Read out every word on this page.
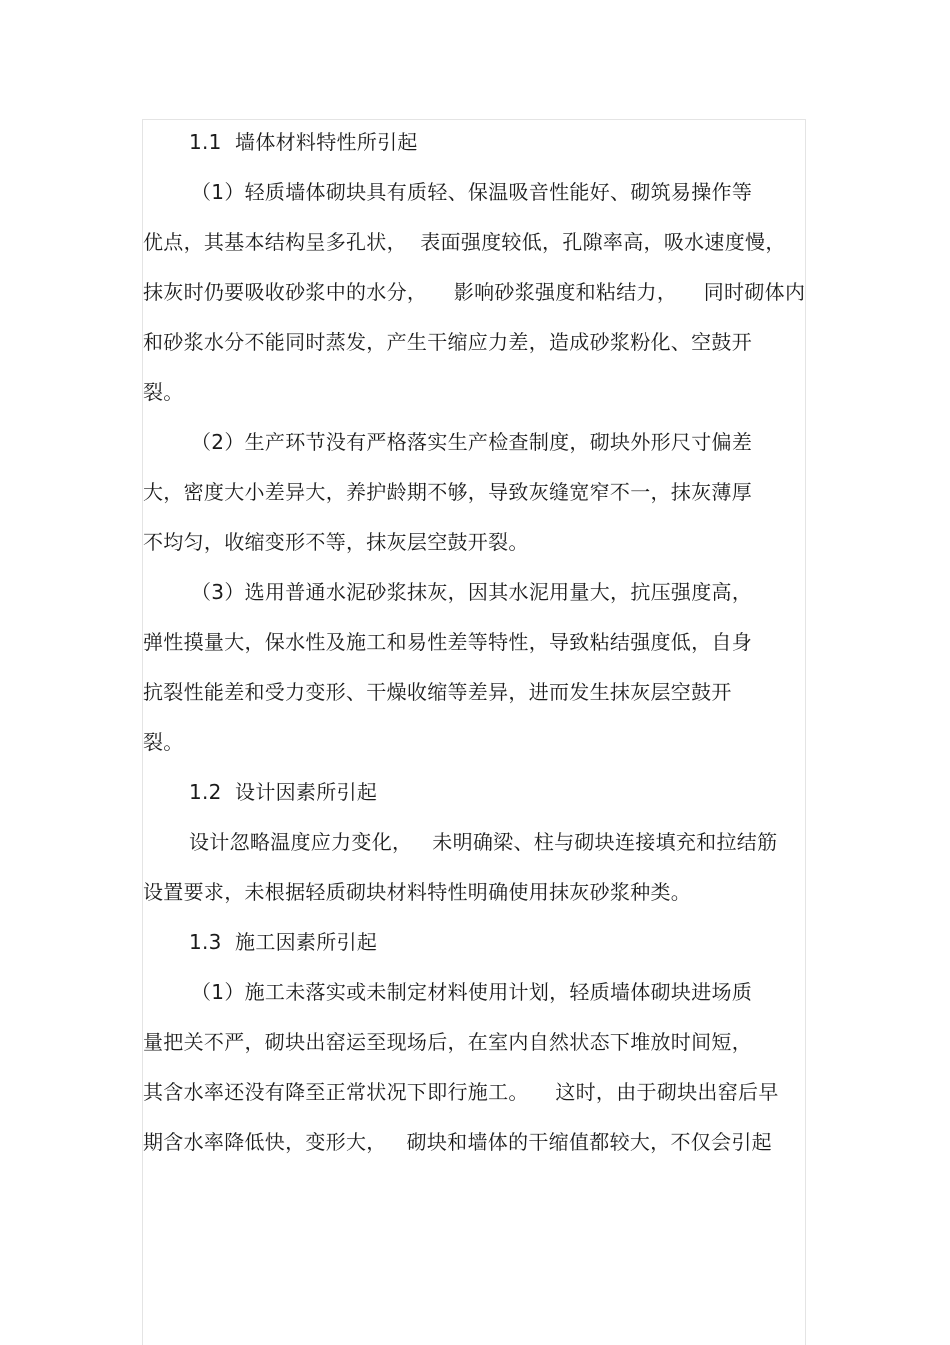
1.1  墙体材料特性所引起
（1）轻质墙体砌块具有质轻、保温吸音性能好、砌筑易操作等
优点，其基本结构呈多孔状，  表面强度较低，孔隙率高，吸水速度慢，
抹灰时仍要吸收砂浆中的水分，    影响砂浆强度和粘结力，    同时砌体内
和砂浆水分不能同时蒸发，产生干缩应力差，造成砂浆粉化、空鼓开
裂。
（2）生产环节没有严格落实生产检查制度，砌块外形尺寸偏差
大，密度大小差异大，养护龄期不够，导致灰缝宽窄不一，抹灰薄厚
不均匀，收缩变形不等，抹灰层空鼓开裂。
（3）选用普通水泥砂浆抹灰，因其水泥用量大，抗压强度高，
弹性摸量大，保水性及施工和易性差等特性，导致粘结强度低，自身
抗裂性能差和受力变形、干燥收缩等差异，进而发生抹灰层空鼓开
裂。
1.2  设计因素所引起
设计忽略温度应力变化，   未明确梁、柱与砌块连接填充和拉结筋
设置要求，未根据轻质砌块材料特性明确使用抹灰砂浆种类。
1.3  施工因素所引起
（1）施工未落实或未制定材料使用计划，轻质墙体砌块进场质
量把关不严，砌块出窑运至现场后，在室内自然状态下堆放时间短，
其含水率还没有降至正常状况下即行施工。    这时，由于砌块出窑后早
期含水率降低快，变形大，   砌块和墙体的干缩值都较大，不仅会引起
